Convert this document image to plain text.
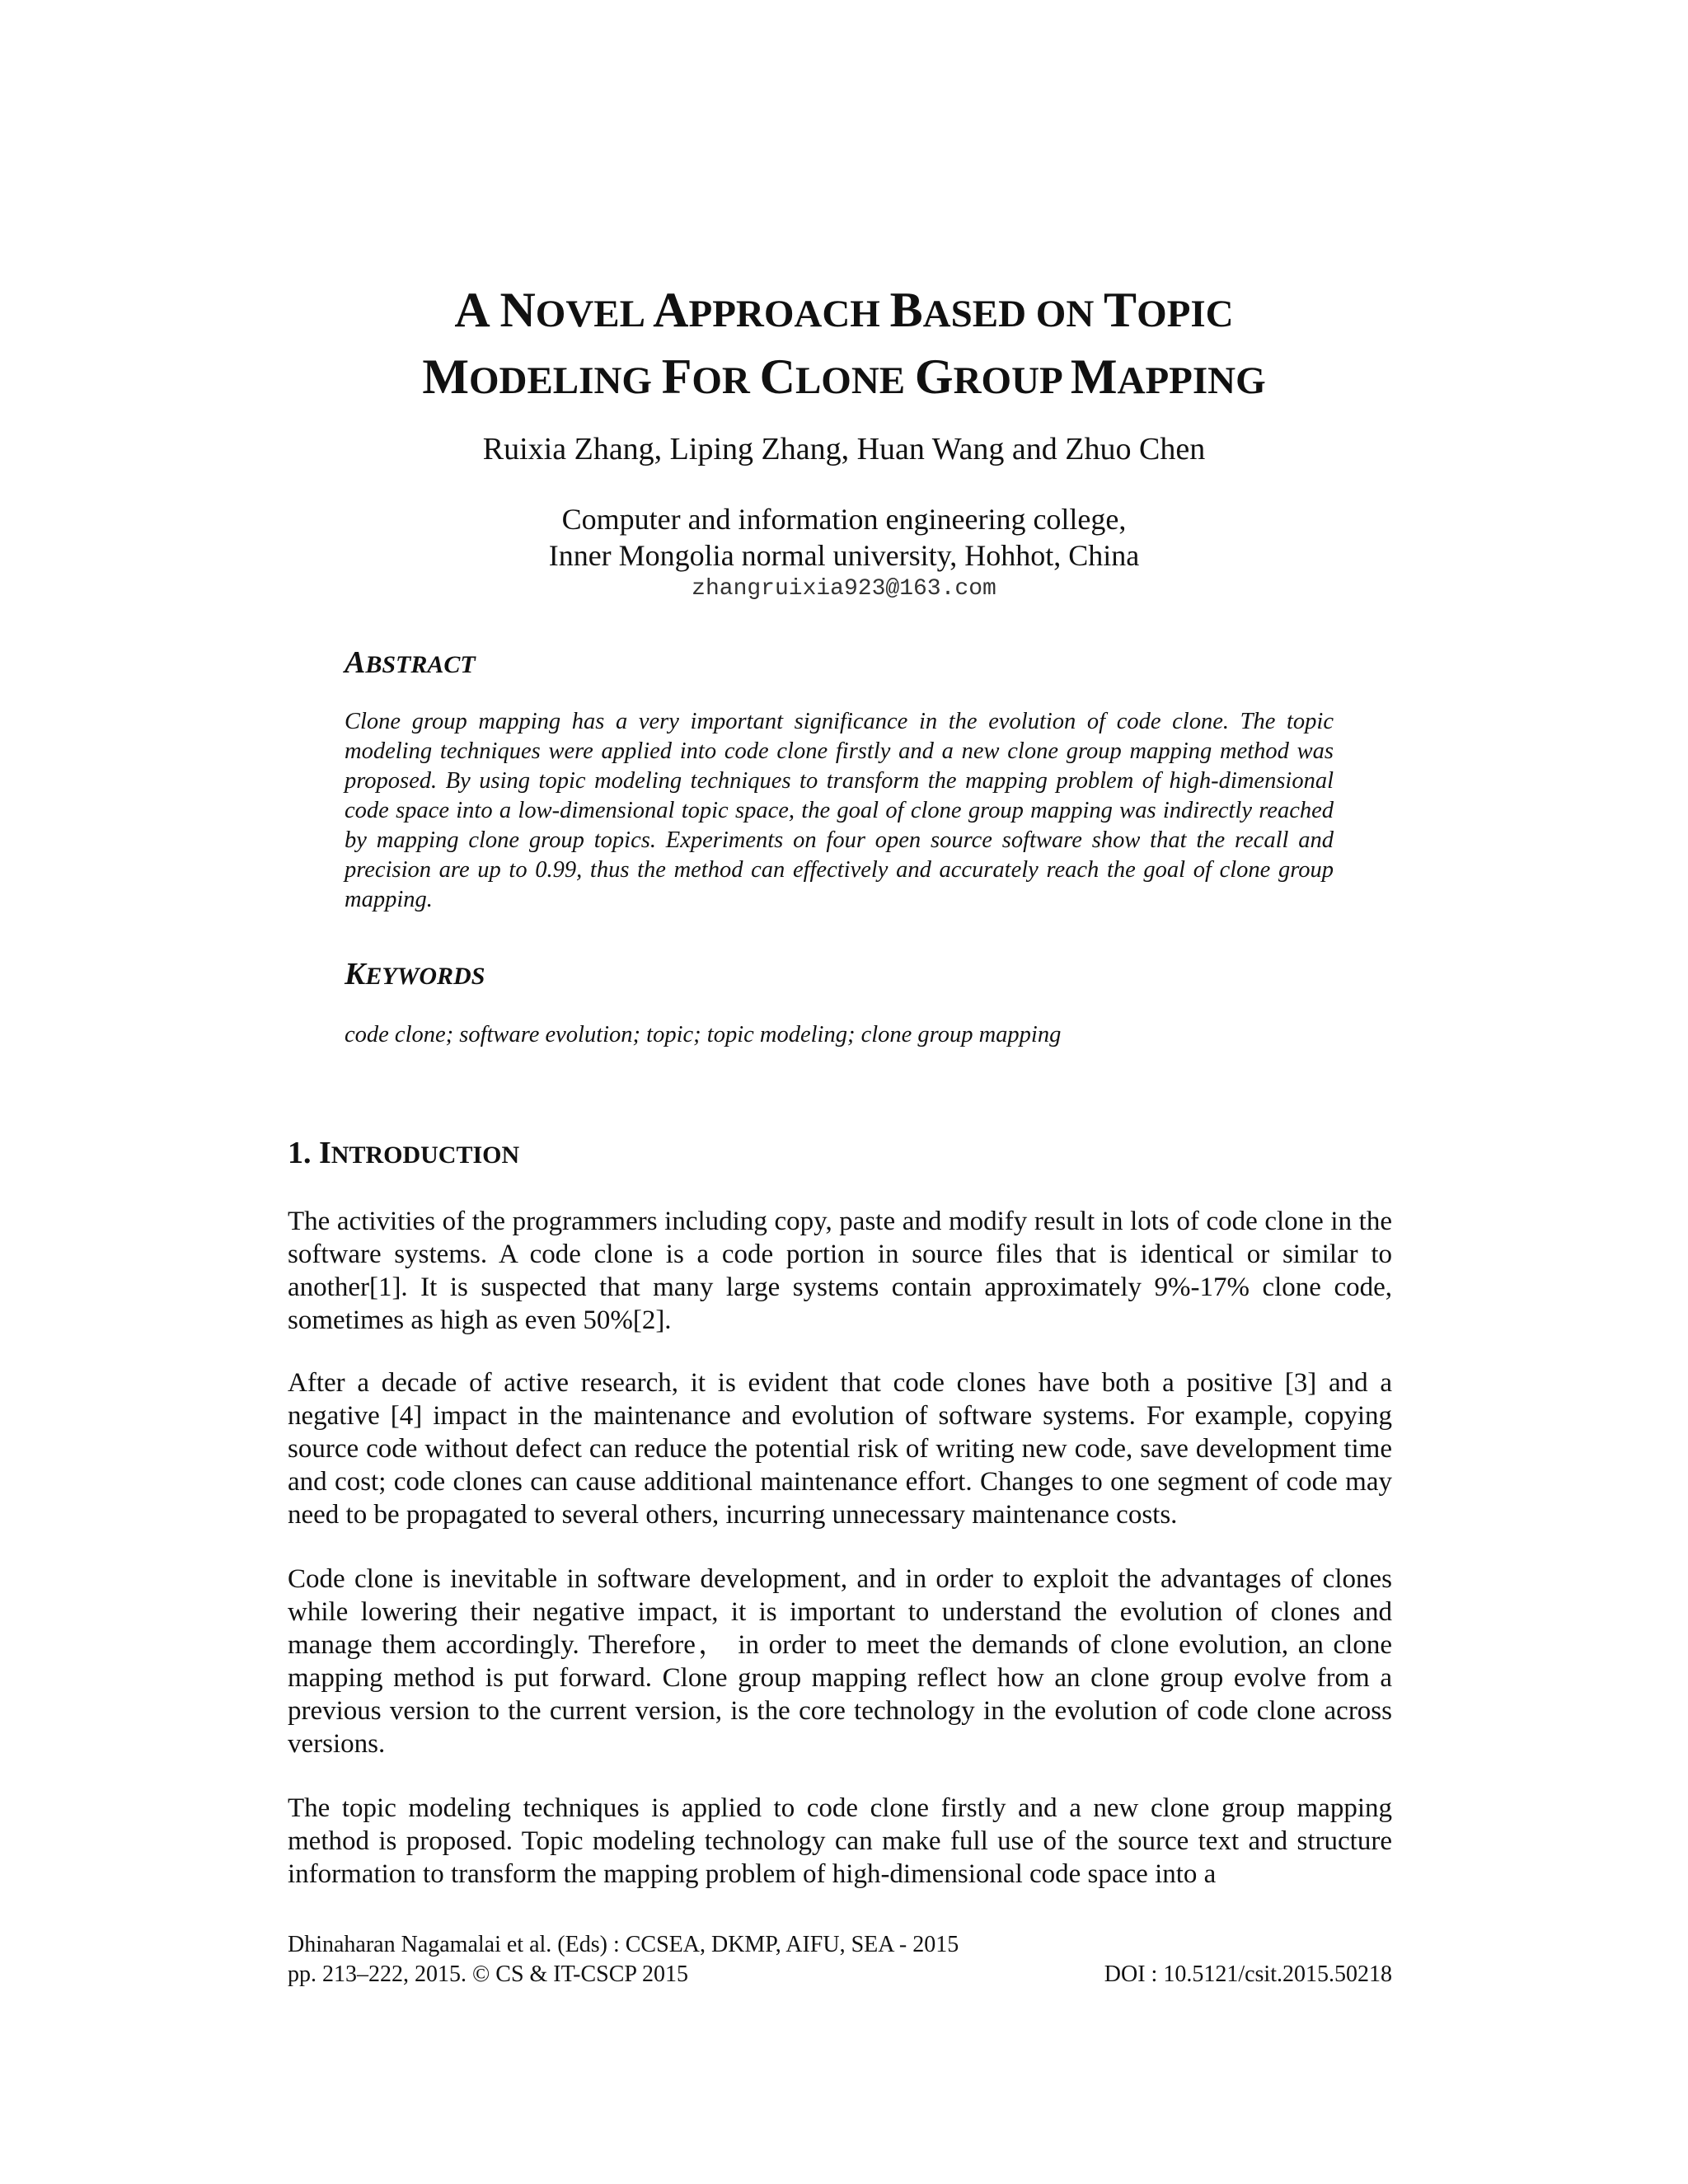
A NOVEL APPROACH BASED ON TOPIC
MODELING FOR CLONE GROUP MAPPING
Ruixia Zhang, Liping Zhang, Huan Wang and Zhuo Chen
Computer and information engineering college,
Inner Mongolia normal university, Hohhot, China
zhangruixia923@163.com
ABSTRACT
Clone group mapping has a very important significance in the evolution of code clone. The topic modeling techniques were applied into code clone firstly and a new clone group mapping method was proposed. By using topic modeling techniques to transform the mapping problem of high-dimensional code space into a low-dimensional topic space, the goal of clone group mapping was indirectly reached by mapping clone group topics. Experiments on four open source software show that the recall and precision are up to 0.99, thus the method can effectively and accurately reach the goal of clone group mapping.
KEYWORDS
code clone; software evolution; topic; topic modeling; clone group mapping
1. INTRODUCTION
The activities of the programmers including copy, paste and modify result in lots of code clone in the software systems. A code clone is a code portion in source files that is identical or similar to another[1]. It is suspected that many large systems contain approximately 9%-17% clone code, sometimes as high as even 50%[2].
After a decade of active research, it is evident that code clones have both a positive [3] and a negative [4] impact in the maintenance and evolution of software systems. For example, copying source code without defect can reduce the potential risk of writing new code, save development time and cost; code clones can cause additional maintenance effort. Changes to one segment of code may need to be propagated to several others, incurring unnecessary maintenance costs.
Code clone is inevitable in software development, and in order to exploit the advantages of clones while lowering their negative impact, it is important to understand the evolution of clones and manage them accordingly. Therefore， in order to meet the demands of clone evolution, an clone mapping method is put forward. Clone group mapping reflect how an clone group evolve from a previous version to the current version, is the core technology in the evolution of code clone across versions.
The topic modeling techniques is applied to code clone firstly and a new clone group mapping method is proposed. Topic modeling technology can make full use of the source text and structure information to transform the mapping problem of high-dimensional code space into a
Dhinaharan Nagamalai et al. (Eds) : CCSEA, DKMP, AIFU, SEA - 2015
pp. 213–222, 2015. © CS & IT-CSCP 2015	DOI : 10.5121/csit.2015.50218
